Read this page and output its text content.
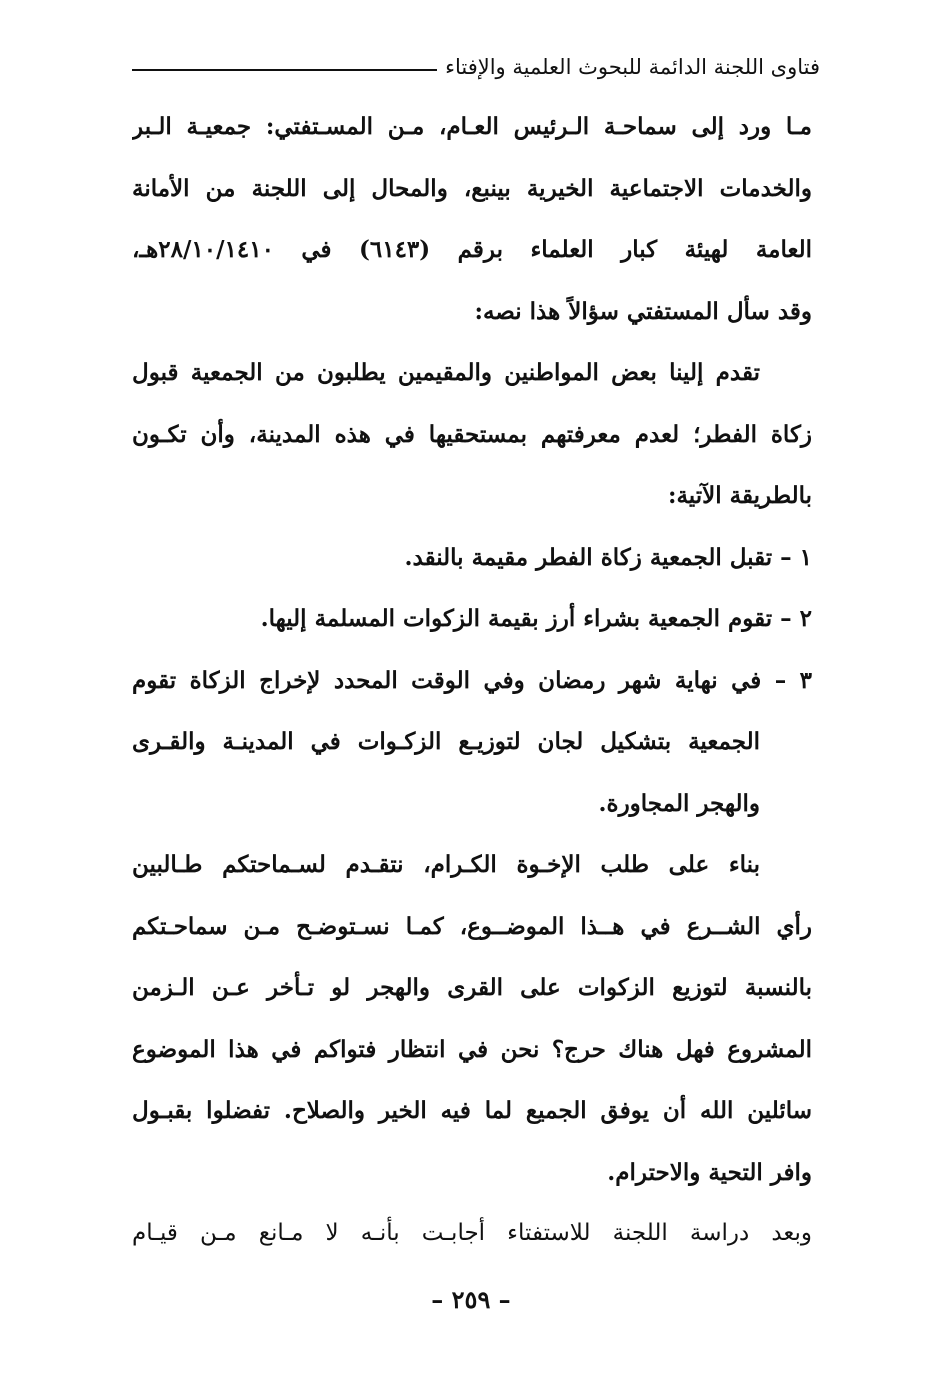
فتاوى اللجنة الدائمة للبحوث العلمية والإفتاء
مـا ورد إلى سماحـة الـرئيس العـام، مـن المسـتفتي: جمعيـة الـبر
والخدمات الاجتماعية الخيرية بينبع، والمحال إلى اللجنة من الأمانة
العامة لهيئة كبار العلماء برقم (٦١٤٣) في ٢٨/١٠/١٤١٠هـ،
وقد سأل المستفتي سؤالاً هذا نصه:
تقدم إلينا بعض المواطنين والمقيمين يطلبون من الجمعية قبول
زكاة الفطر؛ لعدم معرفتهم بمستحقيها في هذه المدينة، وأن تكـون
بالطريقة الآتية:
١ – تقبل الجمعية زكاة الفطر مقيمة بالنقد.
٢ – تقوم الجمعية بشراء أرز بقيمة الزكوات المسلمة إليها.
٣ – في نهاية شهر رمضان وفي الوقت المحدد لإخراج الزكاة تقوم
الجمعية بتشكيل لجان لتوزيـع الزكـوات في المدينـة والقـرى
والهجر المجاورة.
بناء على طلب الإخـوة الكـرام، نتقـدم لسـماحتكم طـالبين
رأي الشــرع في هــذا الموضــوع، كمـا نسـتوضـح مـن سماحـتكم
بالنسبة لتوزيع الزكوات على القرى والهجر لو تـأخر عـن الـزمن
المشروع فهل هناك حرج؟ نحن في انتظار فتواكم في هذا الموضوع
سائلين الله أن يوفق الجميع لما فيه الخير والصلاح. تفضلوا بقبـول
وافر التحية والاحترام.
وبعد دراسة اللجنة للاستفتاء أجابـت بأنـه لا مـانع مـن قيـام
– ٢٥٩ –
